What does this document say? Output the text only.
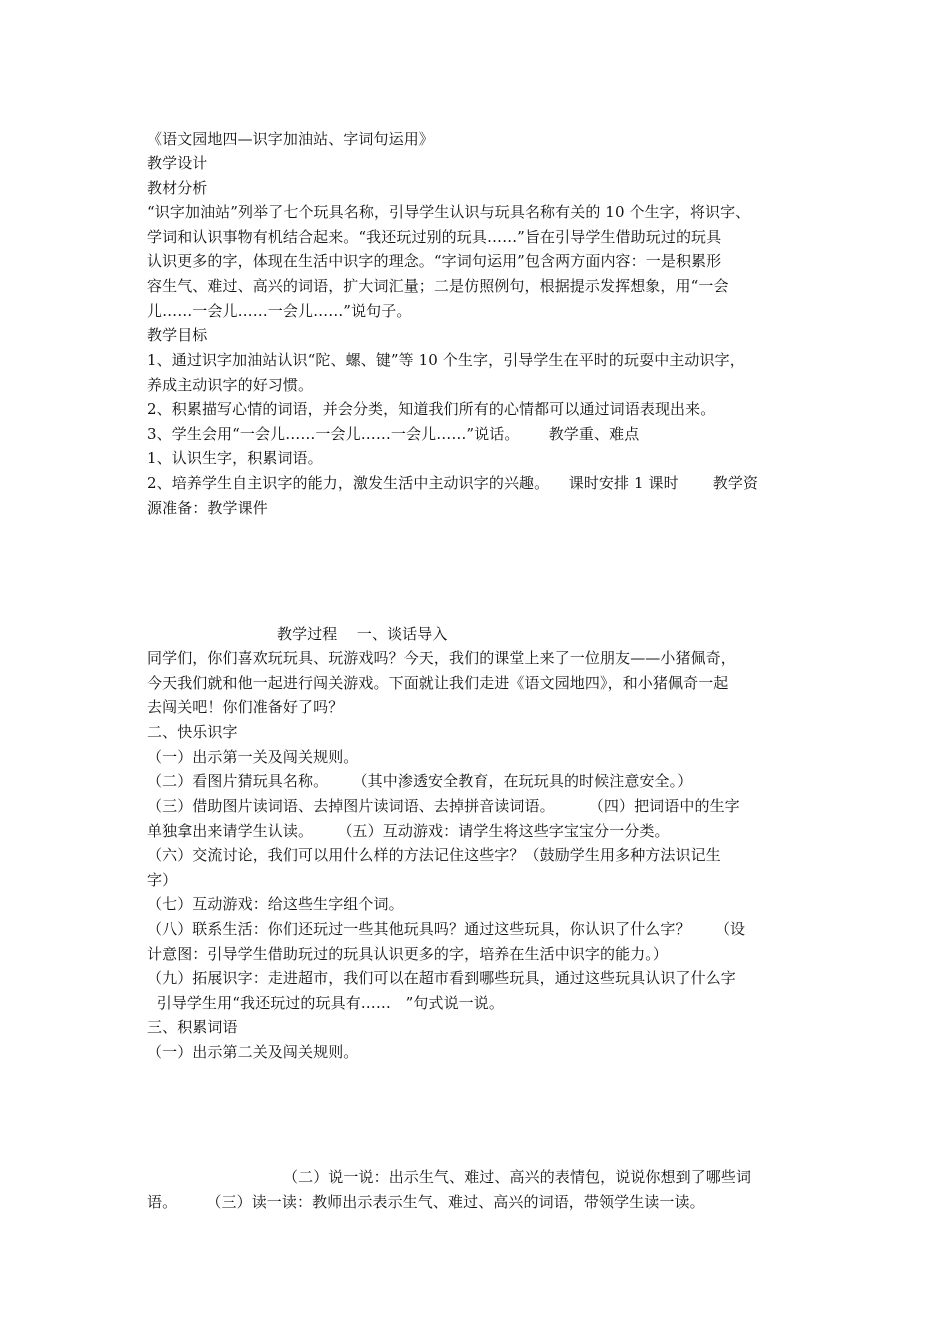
《语文园地四—识字加油站、字词句运用》
教学设计
教材分析
“识字加油站”列举了七个玩具名称，引导学生认识与玩具名称有关的 10 个生字，将识字、
学词和认识事物有机结合起来。“我还玩过别的玩具……”旨在引导学生借助玩过的玩具
认识更多的字，体现在生活中识字的理念。“字词句运用”包含两方面内容：一是积累形
容生气、难过、高兴的词语，扩大词汇量；二是仿照例句，根据提示发挥想象，用“一会
儿……一会儿……一会儿……”说句子。
教学目标
1、通过识字加油站认识“陀、螺、键”等 10 个生字，引导学生在平时的玩耍中主动识字，
养成主动识字的好习惯。
2、积累描写心情的词语，并会分类，知道我们所有的心情都可以通过词语表现出来。
3、学生会用“一会儿……一会儿……一会儿……”说话。      教学重、难点
1、认识生字，积累词语。
2、培养学生自主识字的能力，激发生活中主动识字的兴趣。    课时安排 1 课时       教学资
源准备：教学课件
教学过程    一、谈话导入
同学们，你们喜欢玩玩具、玩游戏吗？今天，我们的课堂上来了一位朋友——小猪佩奇，
今天我们就和他一起进行闯关游戏。下面就让我们走进《语文园地四》，和小猪佩奇一起
去闯关吧！你们准备好了吗？
二、快乐识字
（一）出示第一关及闯关规则。
（二）看图片猜玩具名称。     （其中渗透安全教育，在玩玩具的时候注意安全。）
（三）借助图片读词语、去掉图片读词语、去掉拼音读词语。       （四）把词语中的生字
单独拿出来请学生认读。     （五）互动游戏：请学生将这些字宝宝分一分类。
（六）交流讨论，我们可以用什么样的方法记住这些字？（鼓励学生用多种方法识记生
字）
（七）互动游戏：给这些生字组个词。
（八）联系生活：你们还玩过一些其他玩具吗？通过这些玩具，你认识了什么字？     （设
计意图：引导学生借助玩过的玩具认识更多的字，培养在生活中识字的能力。）
（九）拓展识字：走进超市，我们可以在超市看到哪些玩具，通过这些玩具认识了什么字
引导学生用“我还玩过的玩具有……   ”句式说一说。
三、积累词语
（一）出示第二关及闯关规则。
（二）说一说：出示生气、难过、高兴的表情包，说说你想到了哪些词
语。      （三）读一读：教师出示表示生气、难过、高兴的词语，带领学生读一读。
